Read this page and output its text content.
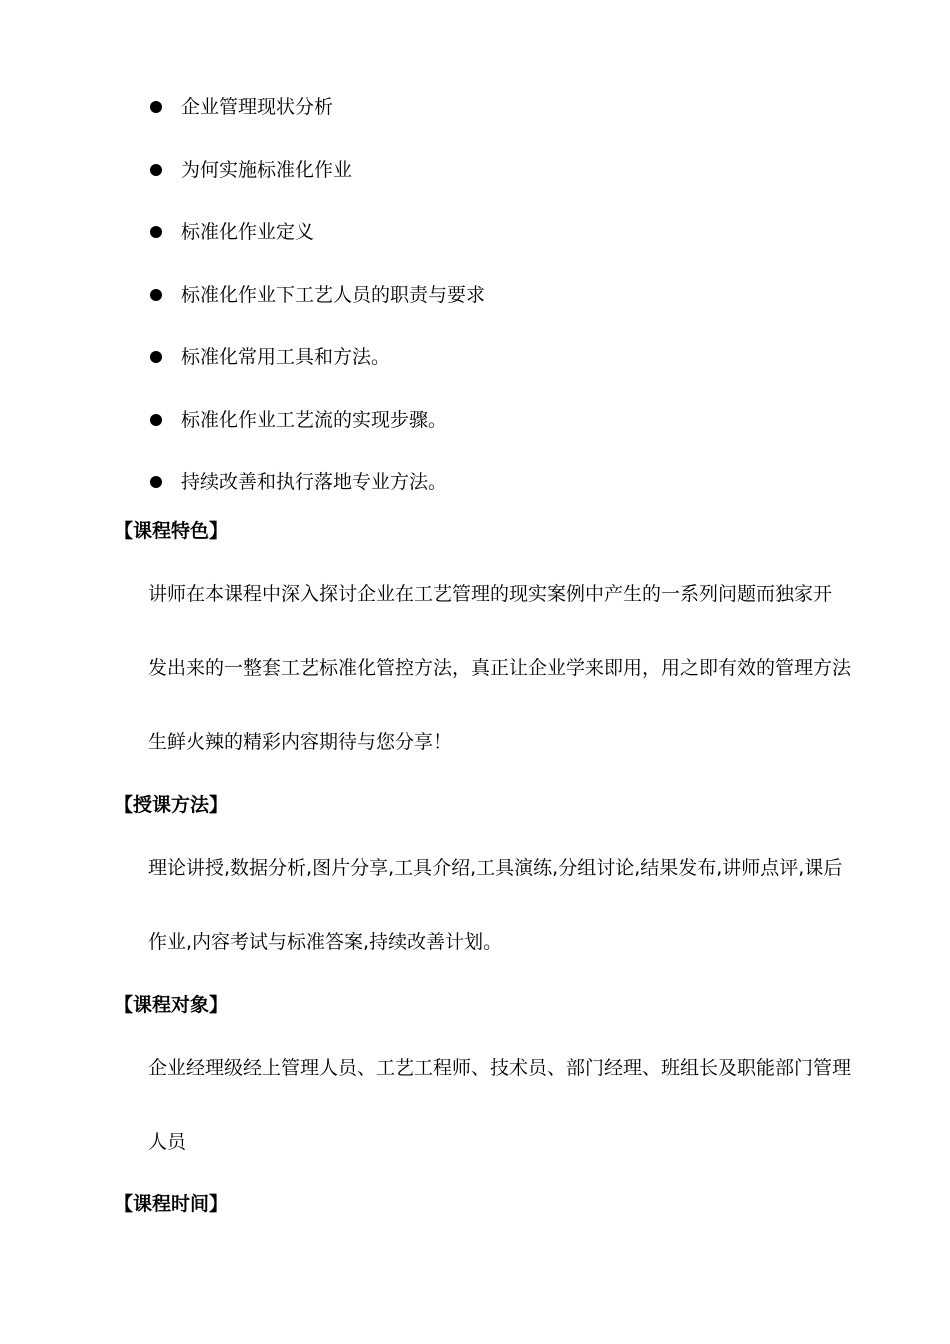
企业管理现状分析
为何实施标准化作业
标准化作业定义
标准化作业下工艺人员的职责与要求
标准化常用工具和方法。
标准化作业工艺流的实现步骤。
持续改善和执行落地专业方法。
【课程特色】
讲师在本课程中深入探讨企业在工艺管理的现实案例中产生的一系列问题而独家开
发出来的一整套工艺标准化管控方法，真正让企业学来即用，用之即有效的管理方法
生鲜火辣的精彩内容期待与您分享！
【授课方法】
理论讲授,数据分析,图片分享,工具介绍,工具演练,分组讨论,结果发布,讲师点评,课后
作业,内容考试与标准答案,持续改善计划。
【课程对象】
企业经理级经上管理人员、工艺工程师、技术员、部门经理、班组长及职能部门管理
人员
【课程时间】
